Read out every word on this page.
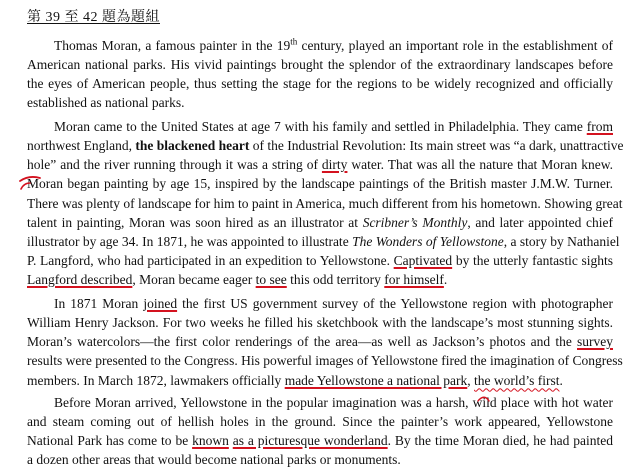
第 39 至 42 題為題組
Thomas Moran, a famous painter in the 19th century, played an important role in the establishment of
American national parks. His vivid paintings brought the splendor of the extraordinary landscapes before
the eyes of American people, thus setting the stage for the regions to be widely recognized and officially
established as national parks.
Moran came to the United States at age 7 with his family and settled in Philadelphia. They came from
northwest England, the blackened heart of the Industrial Revolution: Its main street was “a dark, unattractive
hole” and the river running through it was a string of dirty water. That was all the nature that Moran knew.
Moran began painting by age 15, inspired by the landscape paintings of the British master J.M.W. Turner.
There was plenty of landscape for him to paint in America, much different from his hometown. Showing great
talent in painting, Moran was soon hired as an illustrator at Scribner’s Monthly, and later appointed chief
illustrator by age 34. In 1871, he was appointed to illustrate The Wonders of Yellowstone, a story by Nathaniel
P. Langford, who had participated in an expedition to Yellowstone. Captivated by the utterly fantastic sights
Langford described, Moran became eager to see this odd territory for himself.
In 1871 Moran joined the first US government survey of the Yellowstone region with photographer
William Henry Jackson. For two weeks he filled his sketchbook with the landscape’s most stunning sights.
Moran’s watercolors—the first color renderings of the area—as well as Jackson’s photos and the survey
results were presented to the Congress. His powerful images of Yellowstone fired the imagination of Congress
members. In March 1872, lawmakers officially made Yellowstone a national park, the world’s first.
Before Moran arrived, Yellowstone in the popular imagination was a harsh, wild place with hot water
and steam coming out of hellish holes in the ground. Since the painter’s work appeared, Yellowstone
National Park has come to be known as a picturesque wonderland. By the time Moran died, he had painted
a dozen other areas that would become national parks or monuments.
